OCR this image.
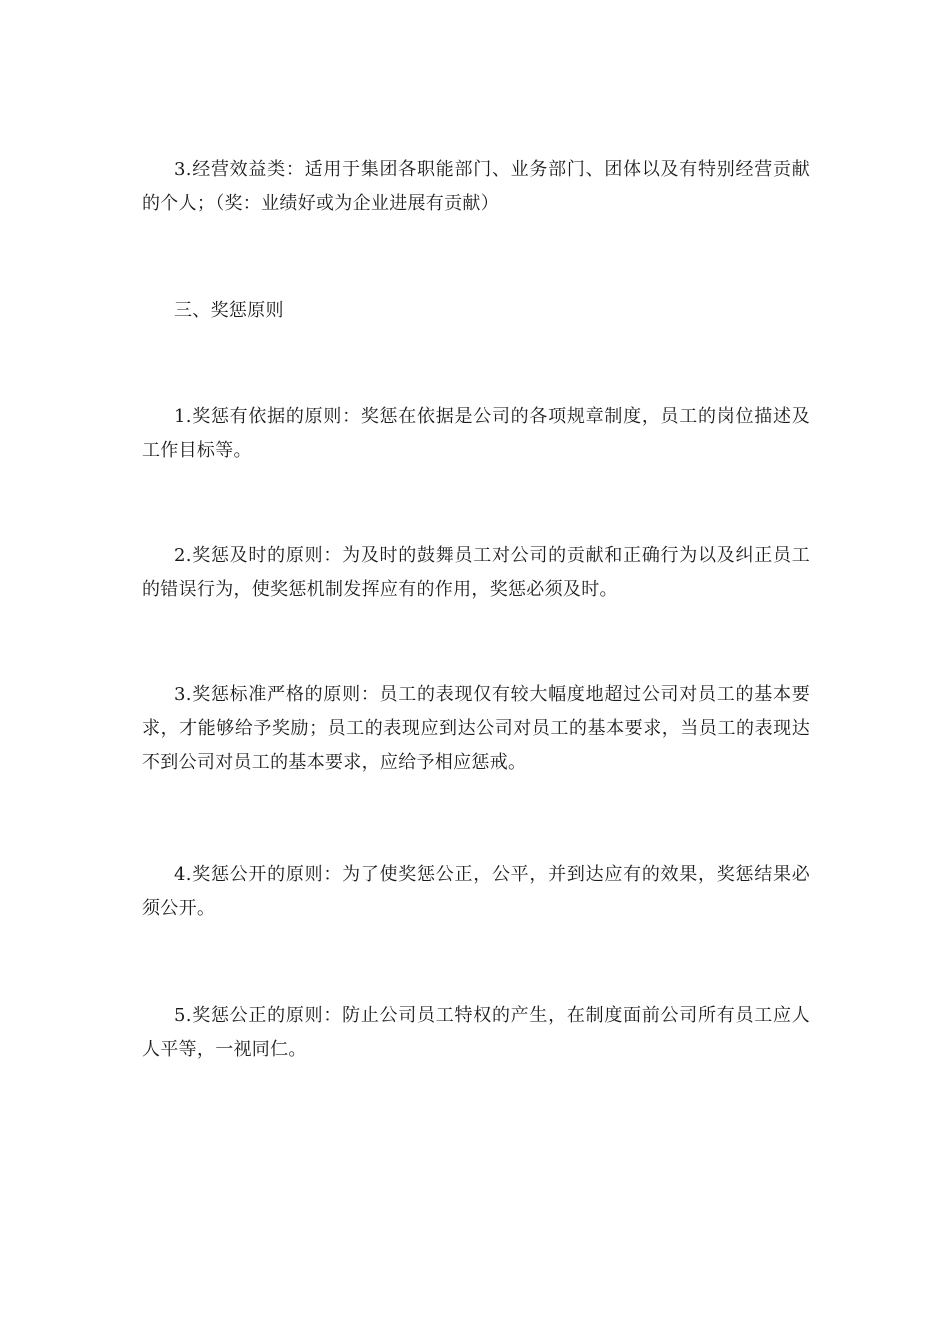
3.经营效益类：适用于集团各职能部门、业务部门、团体以及有特别经营贡献的个人；（奖：业绩好或为企业进展有贡献）

三、奖惩原则

1.奖惩有依据的原则：奖惩在依据是公司的各项规章制度，员工的岗位描述及工作目标等。

2.奖惩及时的原则：为及时的鼓舞员工对公司的贡献和正确行为以及纠正员工的错误行为，使奖惩机制发挥应有的作用，奖惩必须及时。

3.奖惩标准严格的原则：员工的表现仅有较大幅度地超过公司对员工的基本要求，才能够给予奖励；员工的表现应到达公司对员工的基本要求，当员工的表现达不到公司对员工的基本要求，应给予相应惩戒。

4.奖惩公开的原则：为了使奖惩公正，公平，并到达应有的效果，奖惩结果必须公开。

5.奖惩公正的原则：防止公司员工特权的产生，在制度面前公司所有员工应人人平等，一视同仁。
